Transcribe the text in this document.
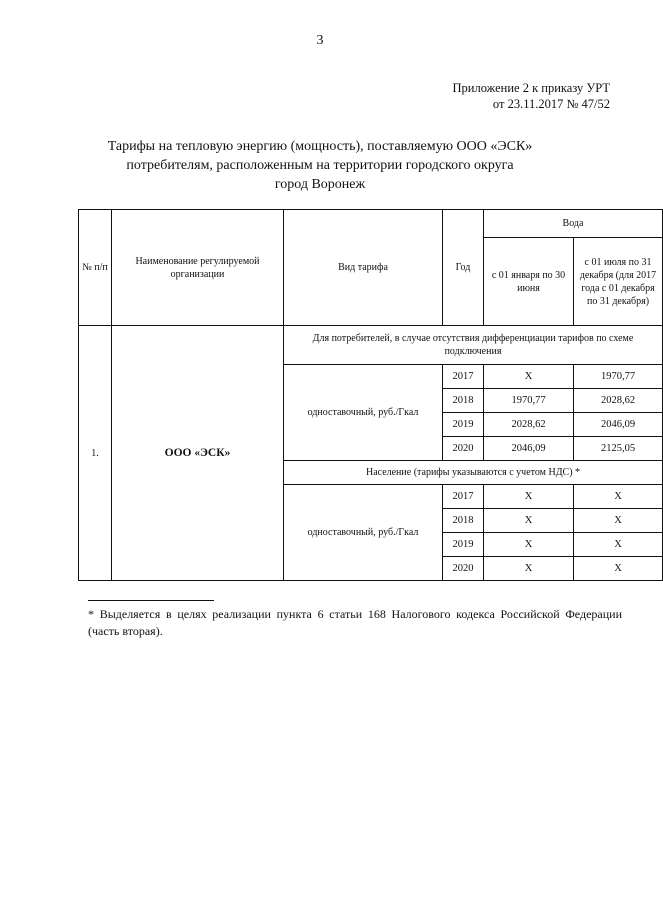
3
Приложение 2 к приказу УРТ
от 23.11.2017 № 47/52
Тарифы на тепловую энергию (мощность), поставляемую ООО «ЭСК»
потребителям, расположенным на территории городского округа
город Воронеж
№ п/п	Наименование регулируемой организации	Вид тарифа	Год	Вода	
				с 01 января по 30 июня	с 01 июля по 31 декабря (для 2017 года с 01 декабря по 31 декабря)
1.	ООО «ЭСК»	Для потребителей, в случае отсутствия дифференциации тарифов по схеме подключения			
		одноставочный, руб./Гкал	2017	Х	1970,77
			2018	1970,77	2028,62
			2019	2028,62	2046,09
			2020	2046,09	2125,05
		Население (тарифы указываются с учетом НДС) *			
		одноставочный, руб./Гкал	2017	Х	Х
			2018	Х	Х
			2019	Х	Х
			2020	Х	Х
* Выделяется в целях реализации пункта 6 статьи 168 Налогового кодекса Российской Федерации (часть вторая).
